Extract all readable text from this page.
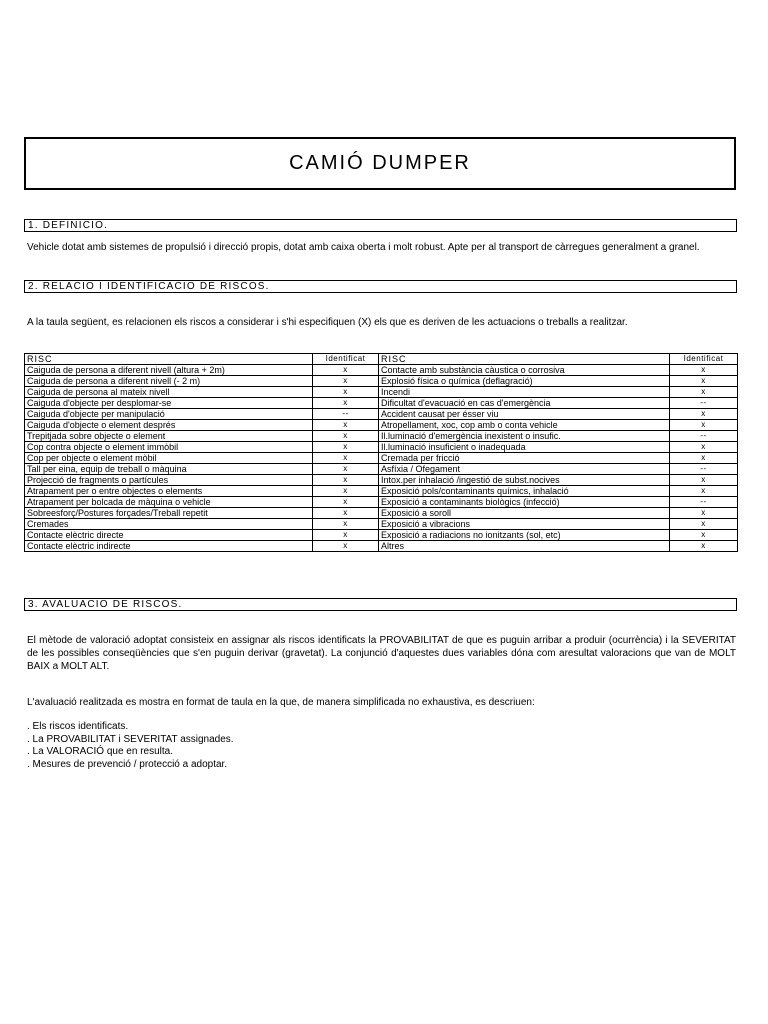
CAMIÓ DUMPER
1. DEFINICIO.
Vehicle dotat amb sistemes de propulsió i direcció propis, dotat amb caixa oberta i molt robust. Apte per al transport de càrregues generalment a granel.
2. RELACIO I IDENTIFICACIO DE RISCOS.
A la taula següent, es relacionen els riscos a considerar i s'hi especifiquen (X) els que es deriven de les actuacions o treballs a realitzar.
RISC	Identificat	RISC	Identificat
Caiguda de persona a diferent nivell (altura + 2m)	x	Contacte amb substància càustica o corrosiva	x
Caiguda de persona a diferent nivell (- 2 m)	x	Explosió física o química (deflagració)	x
Caiguda de persona al mateix nivell	x	Incendi	x
Caiguda d'objecte per desplomar-se	x	Dificultat d'evacuació en cas d'emergència	--
Caiguda d'objecte per manipulació	--	Accident causat per ésser viu	x
Caiguda d'objecte o element després	x	Atropellament, xoc, cop amb o conta vehicle	x
Trepitjada sobre objecte o element	x	Il.luminació d'emergència inexistent o insufic.	--
Cop contra objecte o element immòbil	x	Il.luminació insuficient o inadequada	x
Cop per objecte o element mòbil	x	Cremada per fricció	x
Tall per eina, equip de treball o màquina	x	Asfíxia / Ofegament	--
Projecció de fragments o partícules	x	Intox.per inhalació /ingestió de subst.nocives	x
Atrapament per o entre objectes o elements	x	Exposició pols/contaminants químics, inhalació	x
Atrapament per bolcada de màquina o vehicle	x	Exposició a contaminants biològics (infecció)	--
Sobreesforç/Postures forçades/Treball repetit	x	Exposició a soroll	x
Cremades	x	Exposició a vibracions	x
Contacte elèctric directe	x	Exposició a radiacions no ionitzants (sol, etc)	x
Contacte elèctric indirecte	x	Altres	x
3. AVALUACIO DE RISCOS.
El mètode de valoració adoptat consisteix en assignar als riscos identificats la PROVABILITAT de que es puguin arribar a produir (ocurrència) i la SEVERITAT de les possibles conseqüències que s'en puguin derivar (gravetat). La conjunció d'aquestes dues variables dóna com aresultat valoracions que van de MOLT BAIX a MOLT ALT.
L'avaluació realitzada es mostra en format de taula en la que, de manera simplificada no exhaustiva, es descriuen:
. Els riscos identificats.
. La PROVABILITAT i SEVERITAT assignades.
. La VALORACIÓ que en resulta.
. Mesures de prevenció / protecció a adoptar.
